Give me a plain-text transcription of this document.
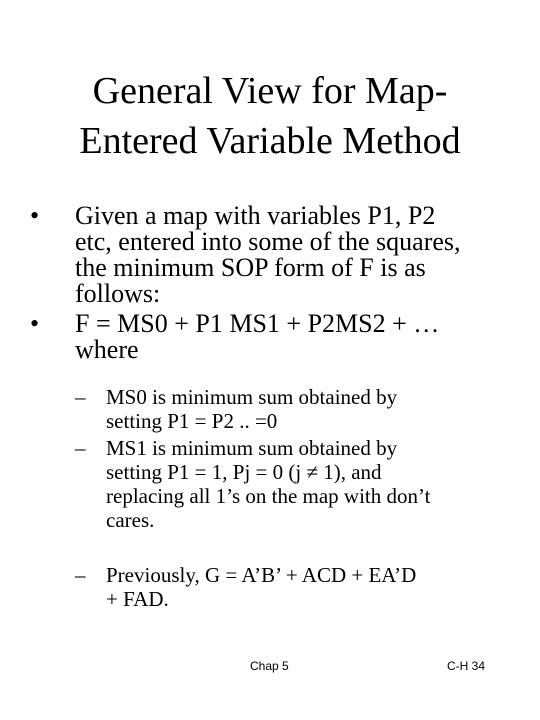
General View for Map-
Entered Variable Method
• Given a map with variables P1, P2
etc, entered into some of the squares,
the minimum SOP form of F is as
follows:
• F = MS0 + P1 MS1 + P2MS2 + …
where
– MS0 is minimum sum obtained by
setting P1 = P2 .. =0
– MS1 is minimum sum obtained by
setting P1 = 1, Pj = 0 (j ≠ 1), and
replacing all 1’s on the map with don’t
cares.
– Previously, G = A’B’ + ACD + EA’D
+ FAD.
Chap 5	C-H 34
